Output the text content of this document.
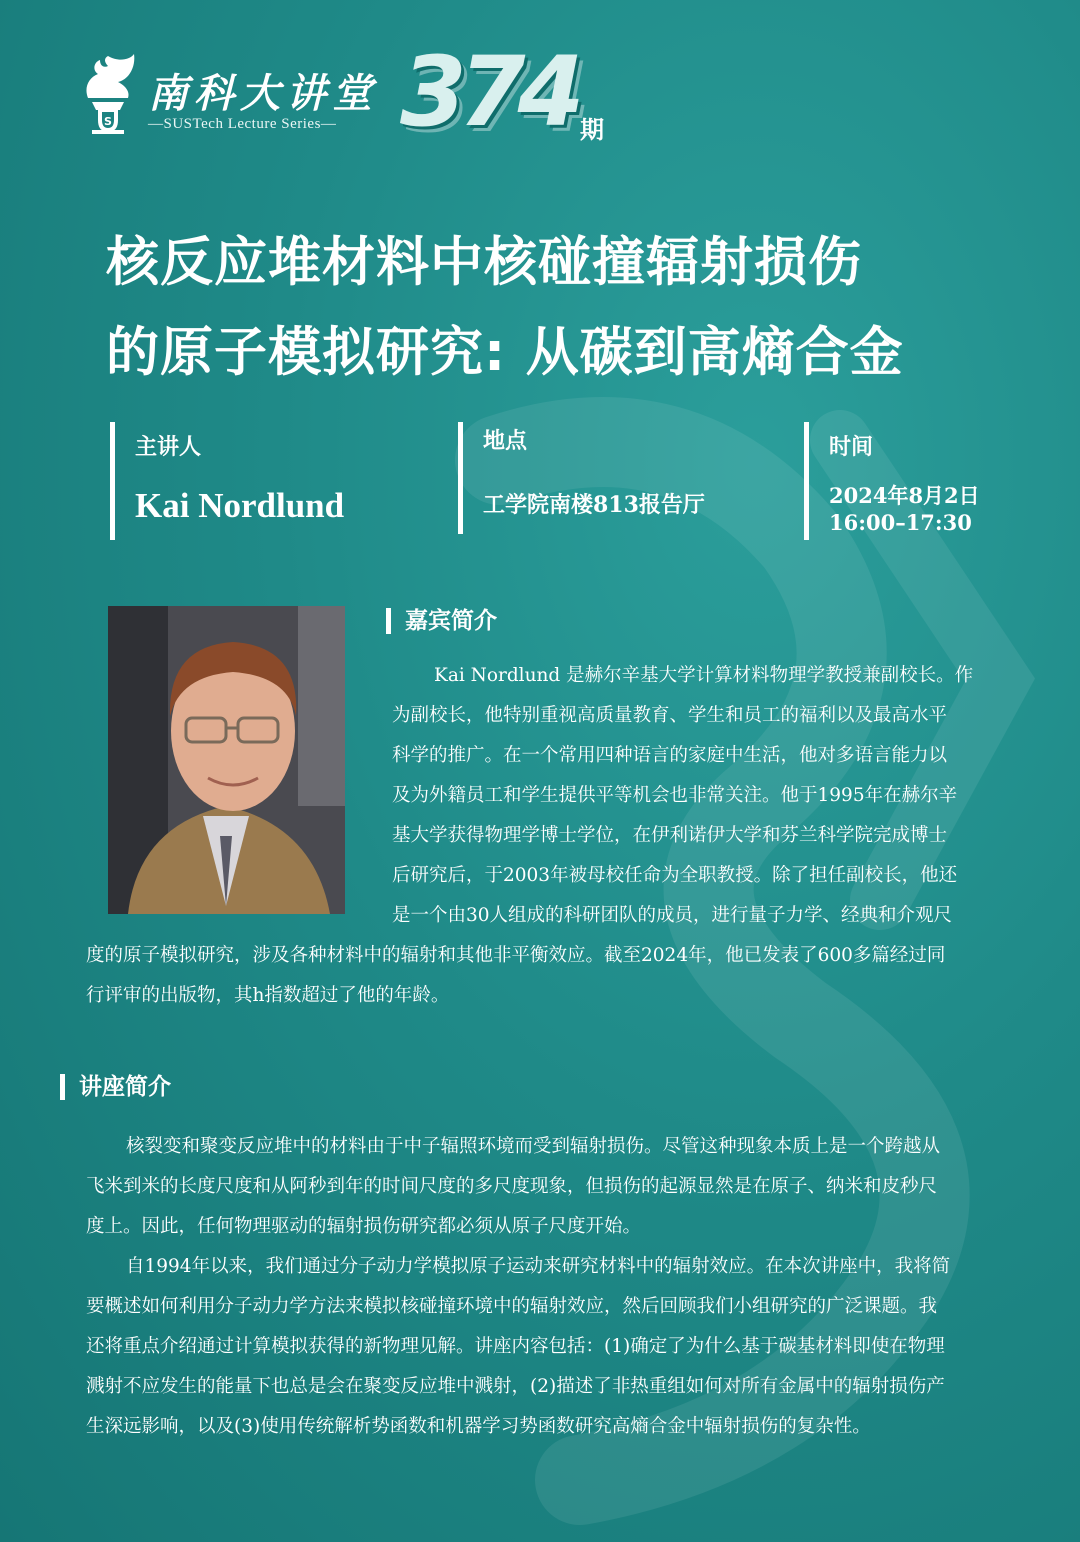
S
南科大讲堂
—SUSTech Lecture Series— 374 期
核反应堆材料中核碰撞辐射损伤
的原子模拟研究: 从碳到高熵合金
主讲人
Kai Nordlund
地点
工学院南楼813报告厅
时间
2024年8月2日
16:00–17:30
嘉宾简介
Kai Nordlund 是赫尔辛基大学计算材料物理学教授兼副校长。作
为副校长，他特别重视高质量教育、学生和员工的福利以及最高水平
科学的推广。在一个常用四种语言的家庭中生活，他对多语言能力以
及为外籍员工和学生提供平等机会也非常关注。他于1995年在赫尔辛
基大学获得物理学博士学位，在伊利诺伊大学和芬兰科学院完成博士
后研究后，于2003年被母校任命为全职教授。除了担任副校长，他还
是一个由30人组成的科研团队的成员，进行量子力学、经典和介观尺
度的原子模拟研究，涉及各种材料中的辐射和其他非平衡效应。截至2024年，他已发表了600多篇经过同
行评审的出版物，其h指数超过了他的年龄。
讲座简介
核裂变和聚变反应堆中的材料由于中子辐照环境而受到辐射损伤。尽管这种现象本质上是一个跨越从
飞米到米的长度尺度和从阿秒到年的时间尺度的多尺度现象，但损伤的起源显然是在原子、纳米和皮秒尺
度上。因此，任何物理驱动的辐射损伤研究都必须从原子尺度开始。
自1994年以来，我们通过分子动力学模拟原子运动来研究材料中的辐射效应。在本次讲座中，我将简
要概述如何利用分子动力学方法来模拟核碰撞环境中的辐射效应，然后回顾我们小组研究的广泛课题。我
还将重点介绍通过计算模拟获得的新物理见解。讲座内容包括：(1)确定了为什么基于碳基材料即使在物理
溅射不应发生的能量下也总是会在聚变反应堆中溅射，(2)描述了非热重组如何对所有金属中的辐射损伤产
生深远影响，以及(3)使用传统解析势函数和机器学习势函数研究高熵合金中辐射损伤的复杂性。
